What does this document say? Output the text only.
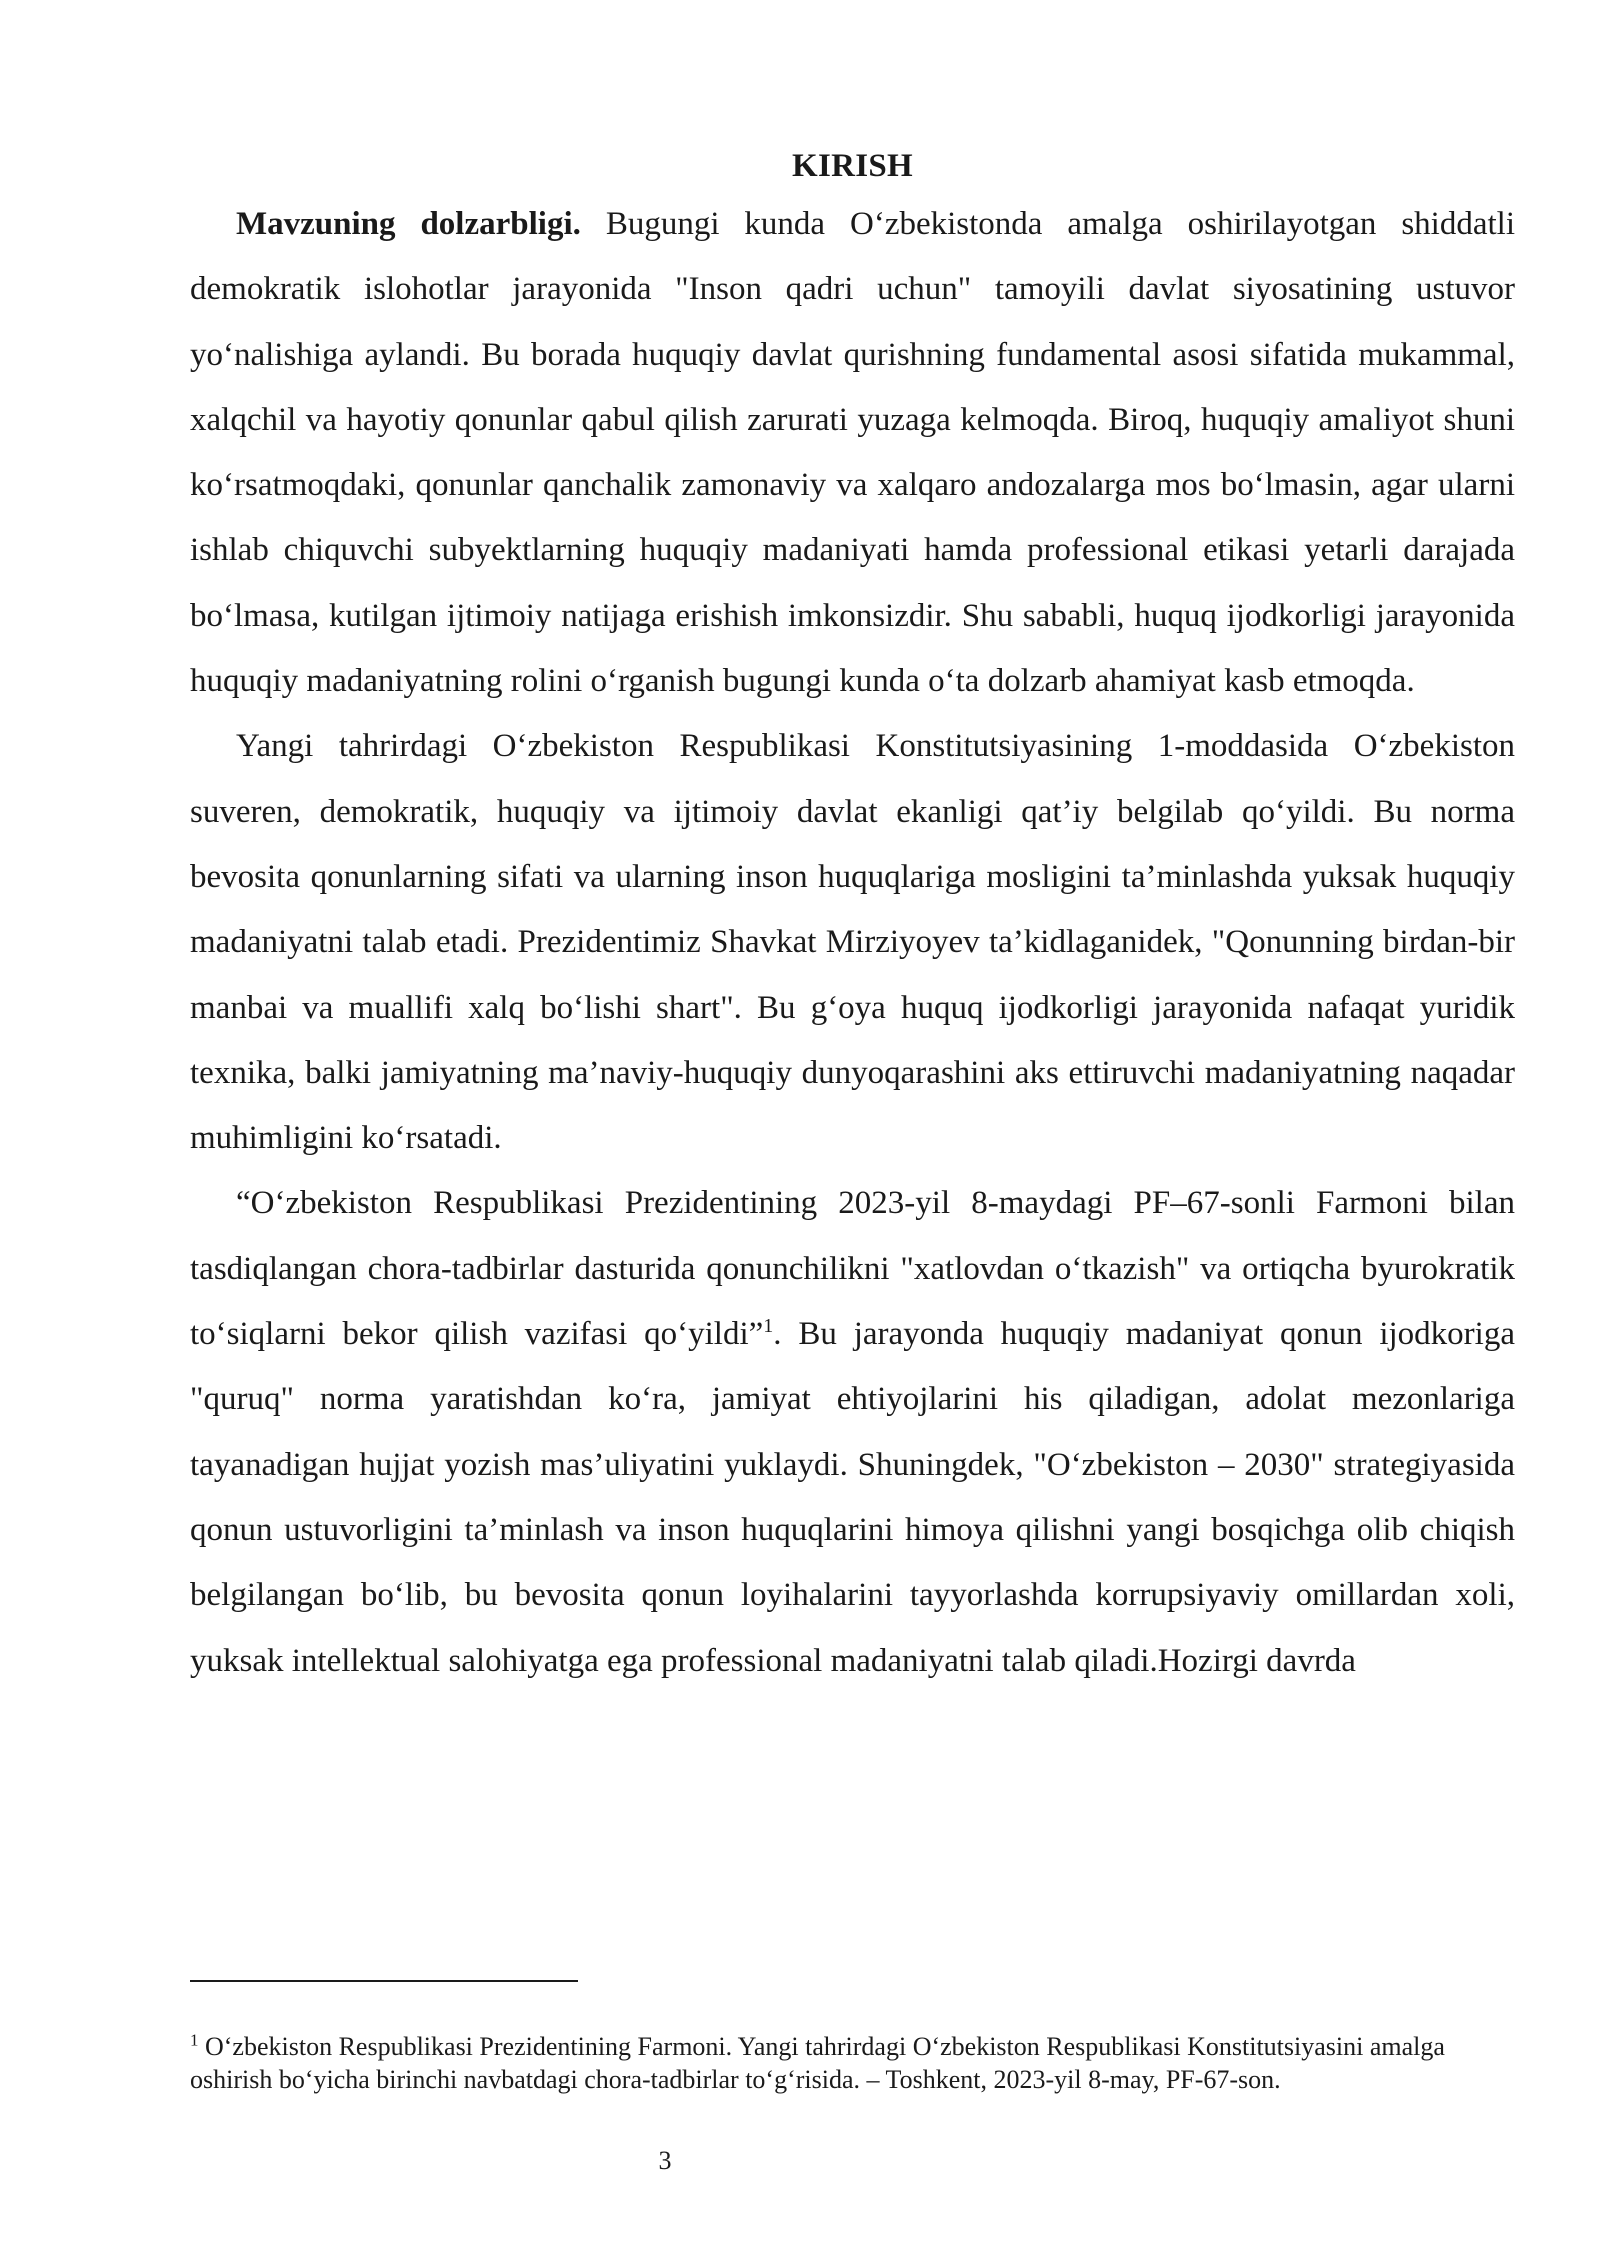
KIRISH

Mavzuning dolzarbligi. Bugungi kunda O‘zbekistonda amalga oshirilayotgan shiddatli demokratik islohotlar jarayonida "Inson qadri uchun" tamoyili davlat siyosatining ustuvor yo‘nalishiga aylandi. Bu borada huquqiy davlat qurishning fundamental asosi sifatida mukammal, xalqchil va hayotiy qonunlar qabul qilish zarurati yuzaga kelmoqda. Biroq, huquqiy amaliyot shuni ko‘rsatmoqdaki, qonunlar qanchalik zamonaviy va xalqaro andozalarga mos bo‘lmasin, agar ularni ishlab chiquvchi subyektlarning huquqiy madaniyati hamda professional etikasi yetarli darajada bo‘lmasa, kutilgan ijtimoiy natijaga erishish imkonsizdir. Shu sababli, huquq ijodkorligi jarayonida huquqiy madaniyatning rolini o‘rganish bugungi kunda o‘ta dolzarb ahamiyat kasb etmoqda.

Yangi tahrirdagi O‘zbekiston Respublikasi Konstitutsiyasining 1-moddasida O‘zbekiston suveren, demokratik, huquqiy va ijtimoiy davlat ekanligi qat’iy belgilab qo‘yildi. Bu norma bevosita qonunlarning sifati va ularning inson huquqlariga mosligini ta’minlashda yuksak huquqiy madaniyatni talab etadi. Prezidentimiz Shavkat Mirziyoyev ta’kidlaganidek, "Qonunning birdan-bir manbai va muallifi xalq bo‘lishi shart". Bu g‘oya huquq ijodkorligi jarayonida nafaqat yuridik texnika, balki jamiyatning ma’naviy-huquqiy dunyoqarashini aks ettiruvchi madaniyatning naqadar muhimligini ko‘rsatadi.

“O‘zbekiston Respublikasi Prezidentining 2023-yil 8-maydagi PF–67-sonli Farmoni bilan tasdiqlangan chora-tadbirlar dasturida qonunchilikni "xatlovdan o‘tkazish" va ortiqcha byurokratik to‘siqlarni bekor qilish vazifasi qo‘yildi”$^1$. Bu jarayonda huquqiy madaniyat qonun ijodkoriga "quruq" norma yaratishdan ko‘ra, jamiyat ehtiyojlarini his qiladigan, adolat mezonlariga tayanadigan hujjat yozish mas’uliyatini yuklaydi. Shuningdek, "O‘zbekiston – 2030" strategiyasida qonun ustuvorligini ta’minlash va inson huquqlarini himoya qilishni yangi bosqichga olib chiqish belgilangan bo‘lib, bu bevosita qonun loyihalarini tayyorlashda korrupsiyaviy omillardan xoli, yuksak intellektual salohiyatga ega professional madaniyatni talab qiladi.Hozirgi davrda

$^1$ O‘zbekiston Respublikasi Prezidentining Farmoni. Yangi tahrirdagi O‘zbekiston Respublikasi Konstitutsiyasini amalga oshirish bo‘yicha birinchi navbatdagi chora-tadbirlar to‘g‘risida. – Toshkent, 2023-yil 8-may, PF-67-son.

3
